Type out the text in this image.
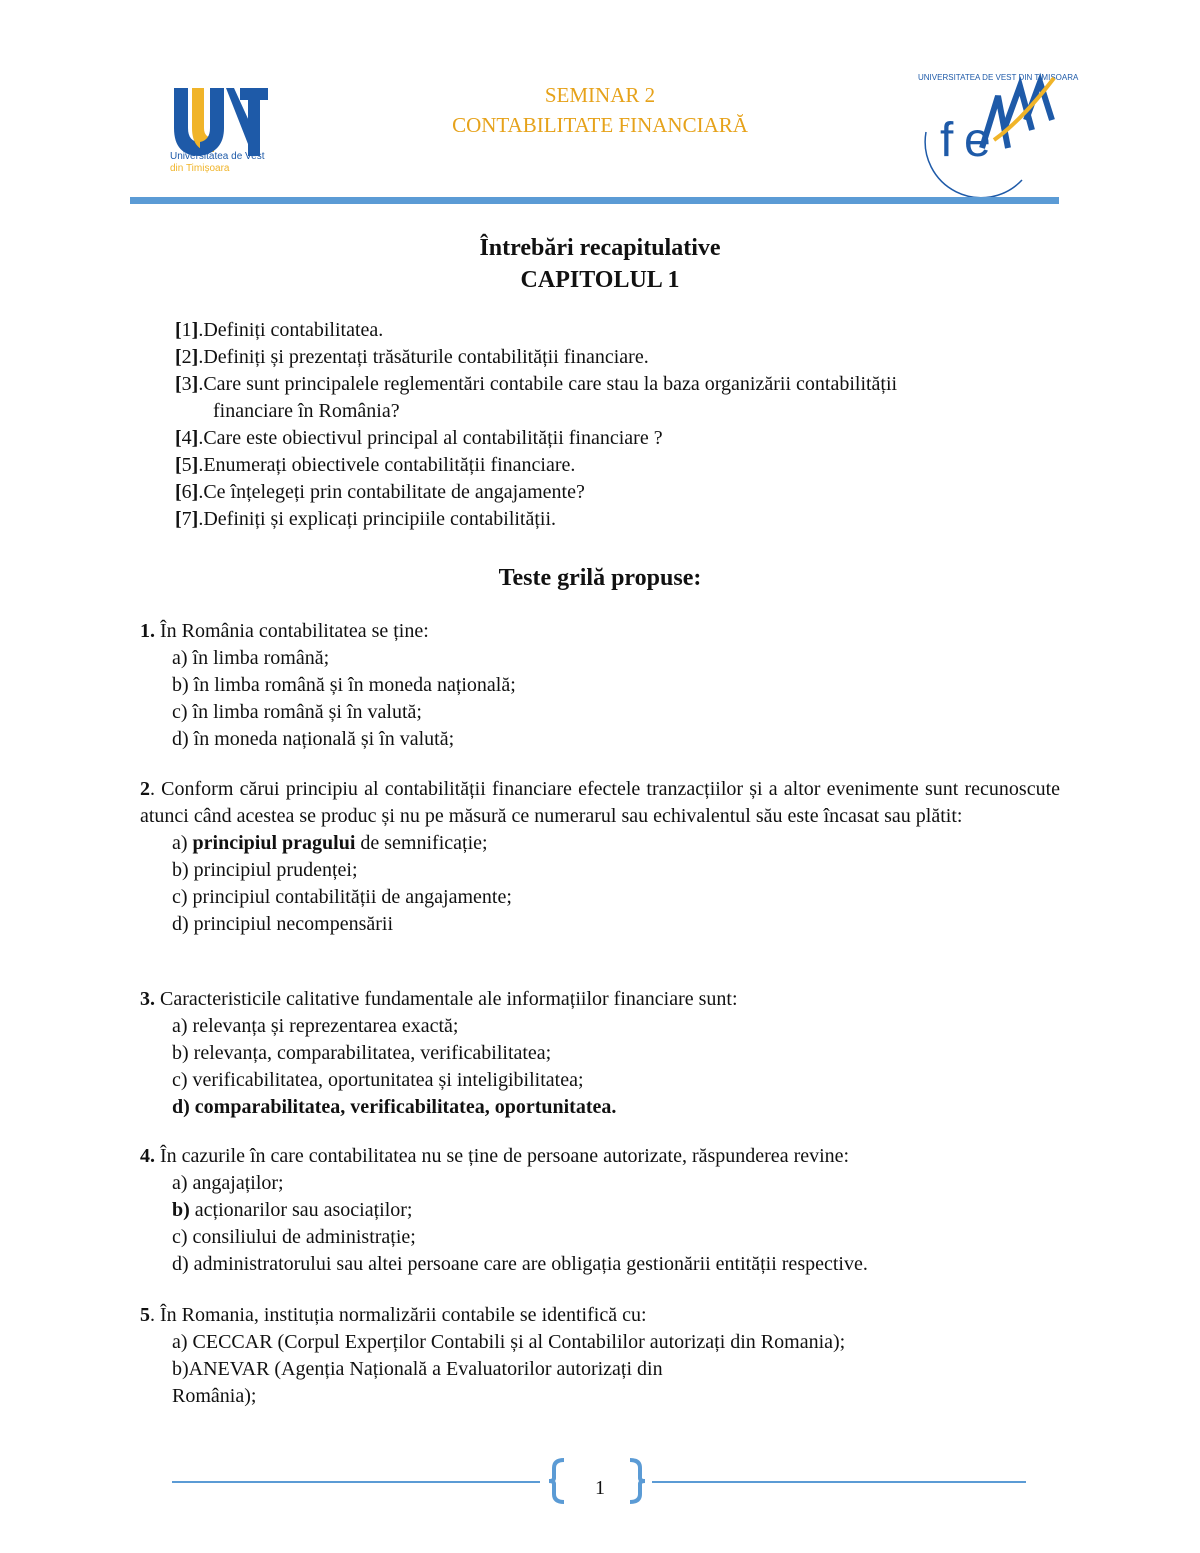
Universitatea de Vest
din Timișoara
SEMINAR 2
CONTABILITATE FINANCIARĂ
UNIVERSITATEA DE VEST DIN TIMIȘOARA
f e
Întrebări recapitulative
CAPITOLUL 1
[1].Definiți contabilitatea.
[2].Definiți și prezentați trăsăturile contabilității financiare.
[3].Care sunt principalele reglementări contabile care stau la baza organizării contabilității
financiare în România?
[4].Care este obiectivul principal al contabilității financiare ?
[5].Enumerați obiectivele contabilității financiare.
[6].Ce înțelegeți prin contabilitate de angajamente?
[7].Definiți și explicați principiile contabilității.
Teste grilă propuse:
1. În România contabilitatea se ține:
a) în limba română;
b) în limba română și în moneda națională;
c) în limba română și în valută;
d) în moneda națională și în valută;
2. Conform cărui principiu al contabilității financiare efectele tranzacțiilor și a altor evenimente sunt recunoscute atunci când acestea se produc și nu pe măsură ce numerarul sau echivalentul său este încasat sau plătit:
a) principiul pragului de semnificație;
b) principiul prudenței;
c) principiul contabilității de angajamente;
d) principiul necompensării
3. Caracteristicile calitative fundamentale ale informațiilor financiare sunt:
a) relevanța și reprezentarea exactă;
b) relevanța, comparabilitatea, verificabilitatea;
c) verificabilitatea, oportunitatea și inteligibilitatea;
d) comparabilitatea, verificabilitatea, oportunitatea.
4. În cazurile în care contabilitatea nu se ține de persoane autorizate, răspunderea revine:
a) angajaților;
b) acționarilor sau asociaților;
c) consiliului de administrație;
d) administratorului sau altei persoane care are obligația gestionării entității respective.
5. În Romania, instituția normalizării contabile se identifică cu:
a) CECCAR (Corpul Experților Contabili și al Contabililor autorizați din Romania);
b)ANEVAR (Agenția Națională a Evaluatorilor autorizați din
România);
1
